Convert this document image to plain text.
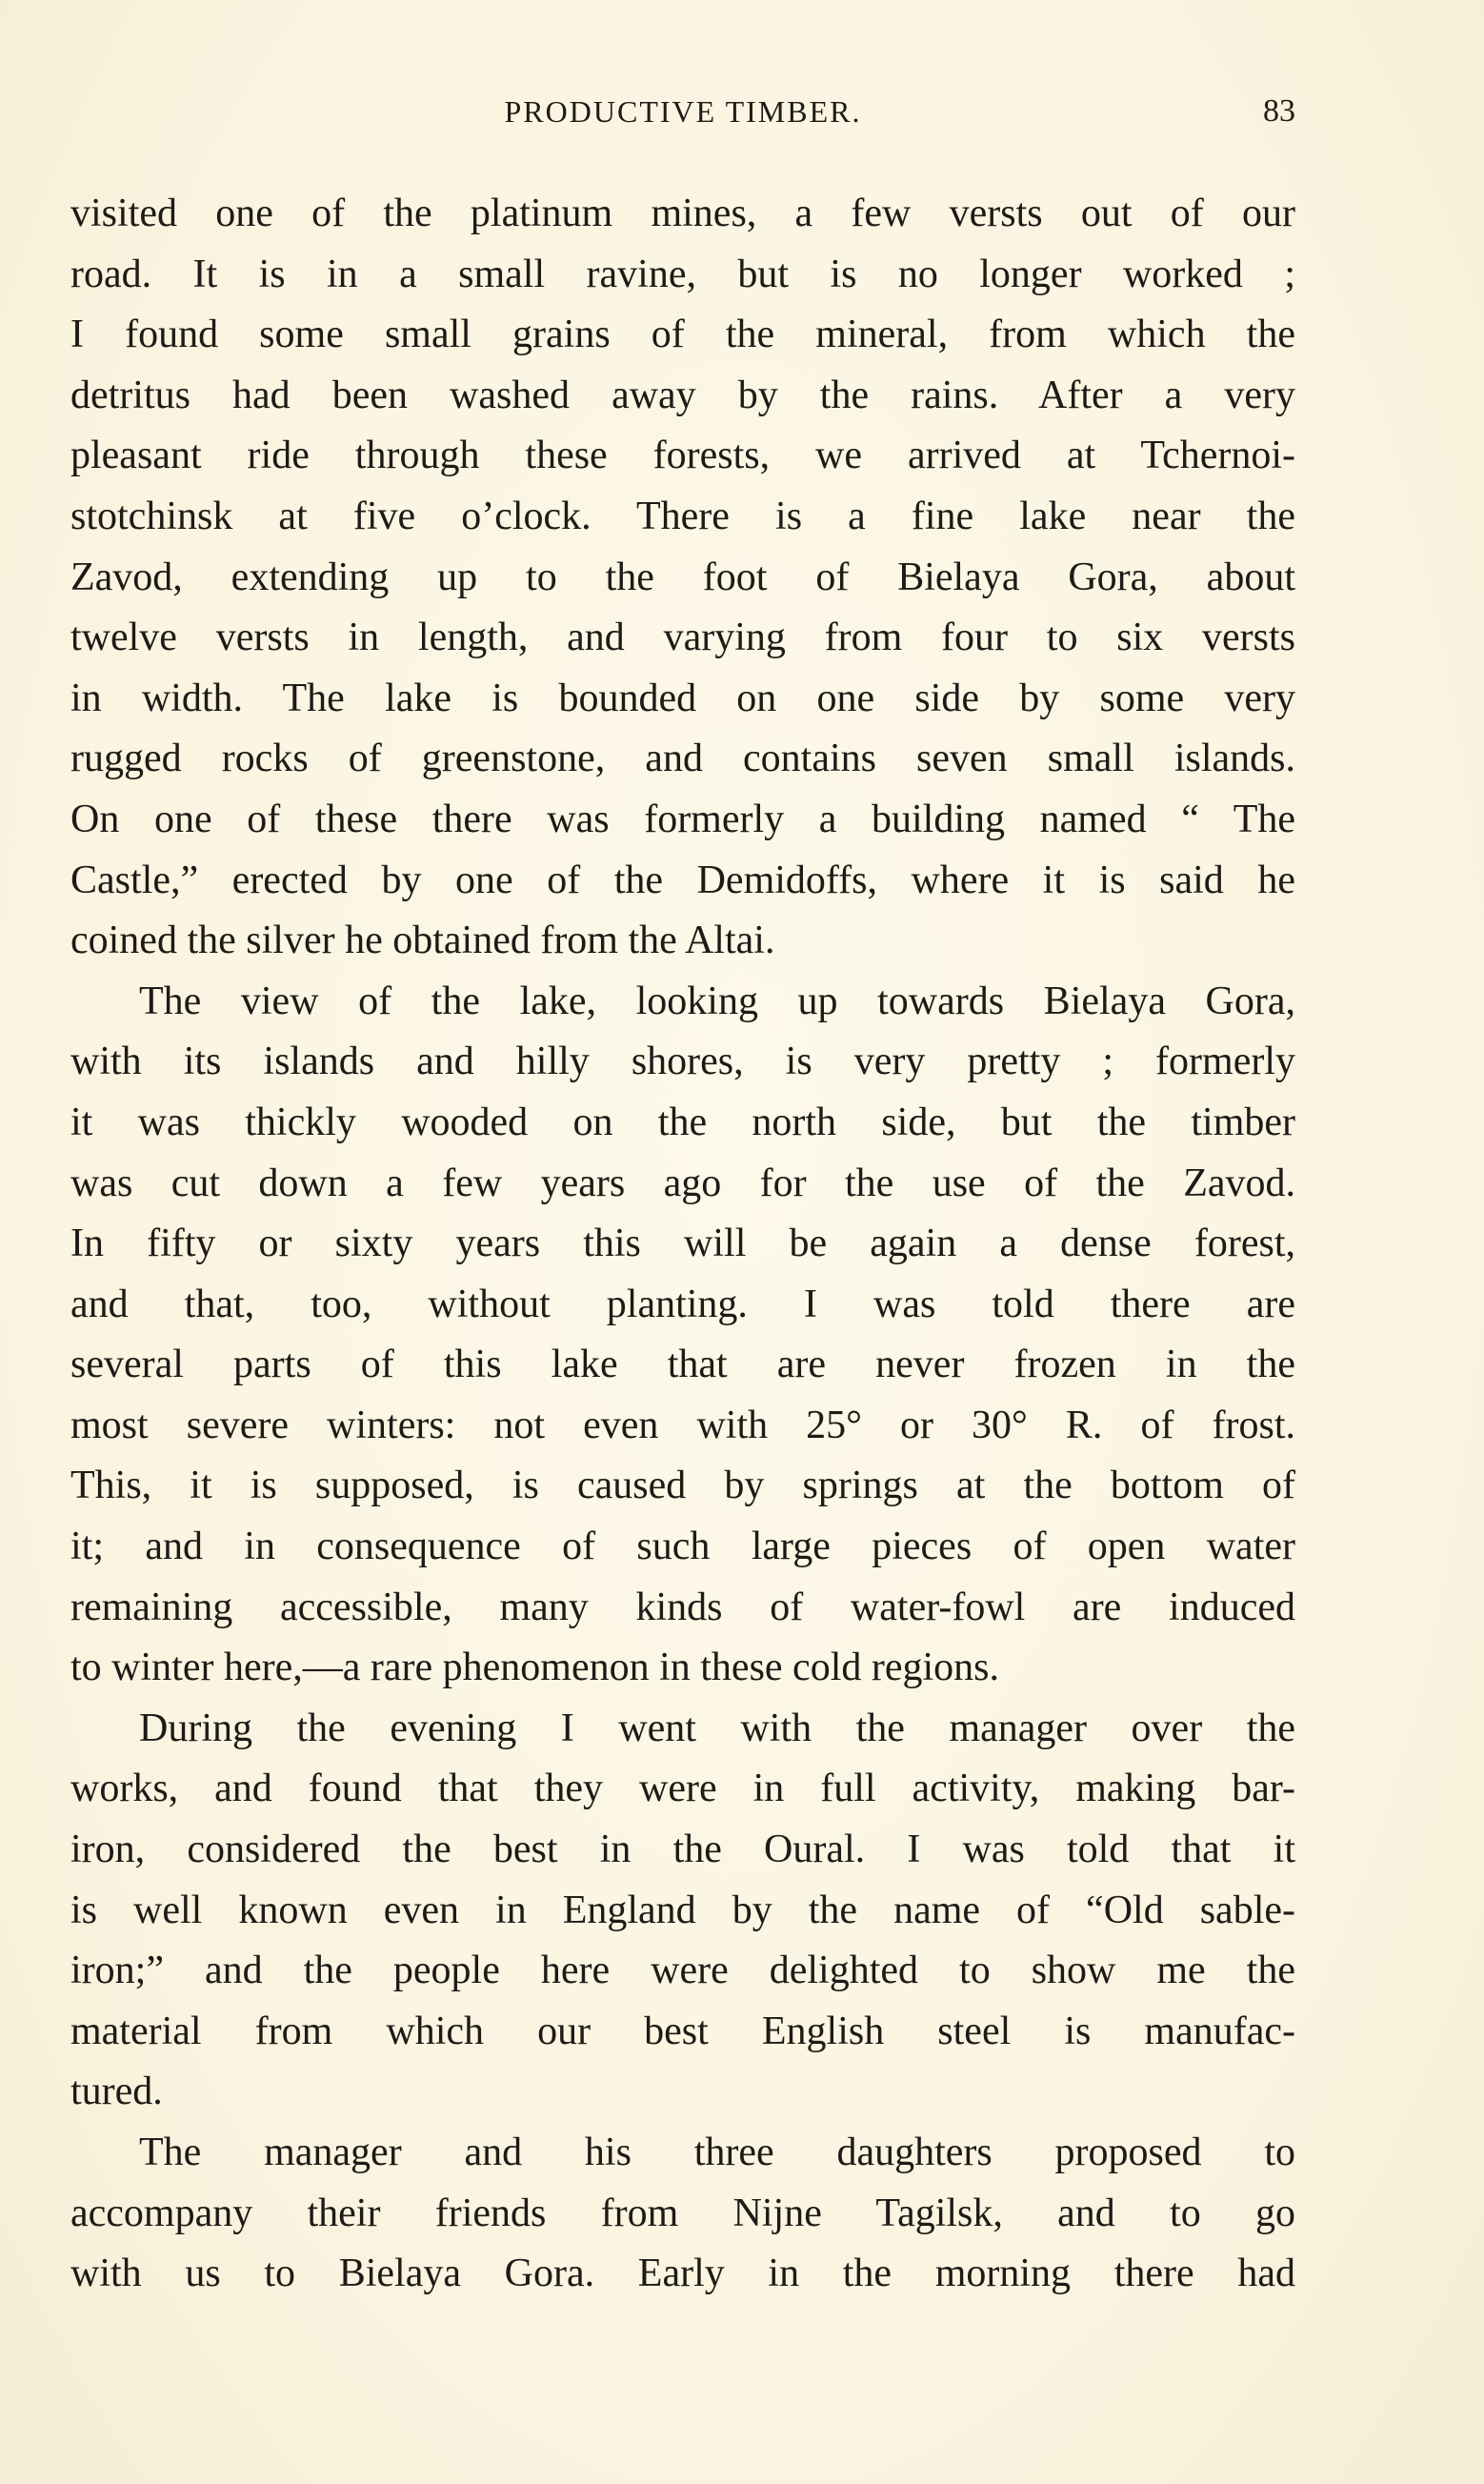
PRODUCTIVE TIMBER.	83
visited one of the platinum mines, a few versts out of our
road. It is in a small ravine, but is no longer worked ;
I found some small grains of the mineral, from which the
detritus had been washed away by the rains. After a very
pleasant ride through these forests, we arrived at Tchernoi-
stotchinsk at five o’clock. There is a fine lake near the
Zavod, extending up to the foot of Bielaya Gora, about
twelve versts in length, and varying from four to six versts
in width. The lake is bounded on one side by some very
rugged rocks of greenstone, and contains seven small islands.
On one of these there was formerly a building named “ The
Castle,” erected by one of the Demidoffs, where it is said he
coined the silver he obtained from the Altai.
The view of the lake, looking up towards Bielaya Gora,
with its islands and hilly shores, is very pretty ; formerly
it was thickly wooded on the north side, but the timber
was cut down a few years ago for the use of the Zavod.
In fifty or sixty years this will be again a dense forest,
and that, too, without planting. I was told there are
several parts of this lake that are never frozen in the
most severe winters: not even with 25° or 30° R. of frost.
This, it is supposed, is caused by springs at the bottom of
it; and in consequence of such large pieces of open water
remaining accessible, many kinds of water-fowl are induced
to winter here,—a rare phenomenon in these cold regions.
During the evening I went with the manager over the
works, and found that they were in full activity, making bar-
iron, considered the best in the Oural. I was told that it
is well known even in England by the name of “Old sable-
iron;” and the people here were delighted to show me the
material from which our best English steel is manufac-
tured.
The manager and his three daughters proposed to
accompany their friends from Nijne Tagilsk, and to go
with us to Bielaya Gora. Early in the morning there had
